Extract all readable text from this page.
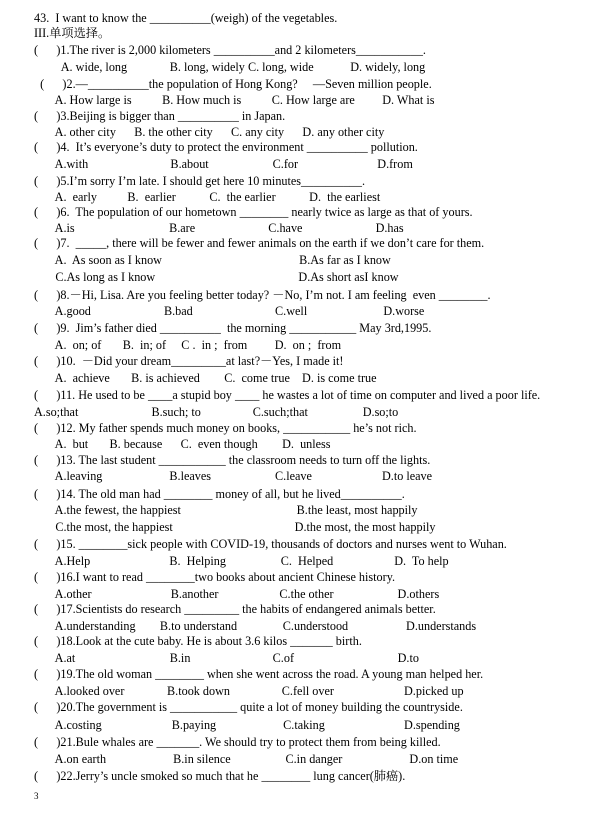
43.  I want to know the __________(weigh) of the vegetables.
III.单项选择。
(      )1.The river is 2,000 kilometers __________and 2 kilometers___________.
A. wide, long              B. long, widely C. long, wide            D. widely, long
(      )2.—__________the population of Hong Kong?     —Seven million people.
A. How large is          B. How much is          C. How large are         D. What is
(      )3.Beijing is bigger than __________ in Japan.
A. other city      B. the other city      C. any city      D. any other city
(      )4.  It’s everyone’s duty to protect the environment __________ pollution.
A.with                           B.about                     C.for                          D.from
(      )5.I’m sorry I’m late. I should get here 10 minutes__________.
A.  early          B.  earlier           C.  the earlier           D.  the earliest
(      )6.  The population of our hometown ________ nearly twice as large as that of yours.
A.is                               B.are                        C.have                        D.has
(      )7.  _____, there will be fewer and fewer animals on the earth if we don’t care for them.
A.  As soon as I know                                             B.As far as I know
C.As long as I know                                               D.As short asI know
(      )8.－Hi, Lisa. Are you feeling better today? －No, I’m not. I am feeling  even ________.
A.good                        B.bad                           C.well                         D.worse
(      )9.  Jim’s father died __________  the morning ___________ May 3rd,1995.
A.  on; of       B.  in; of     C .  in ;  from         D.  on ;  from
(      )10.  －Did your dream_________at last?－Yes, I made it!
A.  achieve       B. is achieved        C.  come true    D. is come true
(      )11. He used to be ____a stupid boy ____ he wastes a lot of time on computer and lived a poor life.
A.so;that                        B.such; to                 C.such;that                  D.so;to
(      )12. My father spends much money on books, ___________ he’s not rich.
A.  but       B. because      C.  even though        D.  unless
(      )13. The last student ___________ the classroom needs to turn off the lights.
A.leaving                      B.leaves                     C.leave                       D.to leave
(      )14. The old man had ________ money of all, but he lived__________.
A.the fewest, the happiest                                      B.the least, most happily
C.the most, the happiest                                        D.the most, the most happily
(      )15. ________sick people with COVID-19, thousands of doctors and nurses went to Wuhan.
A.Help                          B.  Helping                  C.  Helped                    D.  To help
(      )16.I want to read ________two books about ancient Chinese history.
A.other                          B.another                    C.the other                     D.others
(      )17.Scientists do research _________ the habits of endangered animals better.
A.understanding        B.to understand               C.understood                   D.understands
(      )18.Look at the cute baby. He is about 3.6 kilos _______ birth.
A.at                               B.in                           C.of                                  D.to
(      )19.The old woman ________ when she went across the road. A young man helped her.
A.looked over              B.took down                 C.fell over                       D.picked up
(      )20.The government is ___________ quite a lot of money building the countryside.
A.costing                       B.paying                      C.taking                          D.spending
(      )21.Bule whales are _______. We should try to protect them from being killed.
A.on earth                      B.in silence                  C.in danger                      D.on time
(      )22.Jerry’s uncle smoked so much that he ________ lung cancer(肺癌).
3
